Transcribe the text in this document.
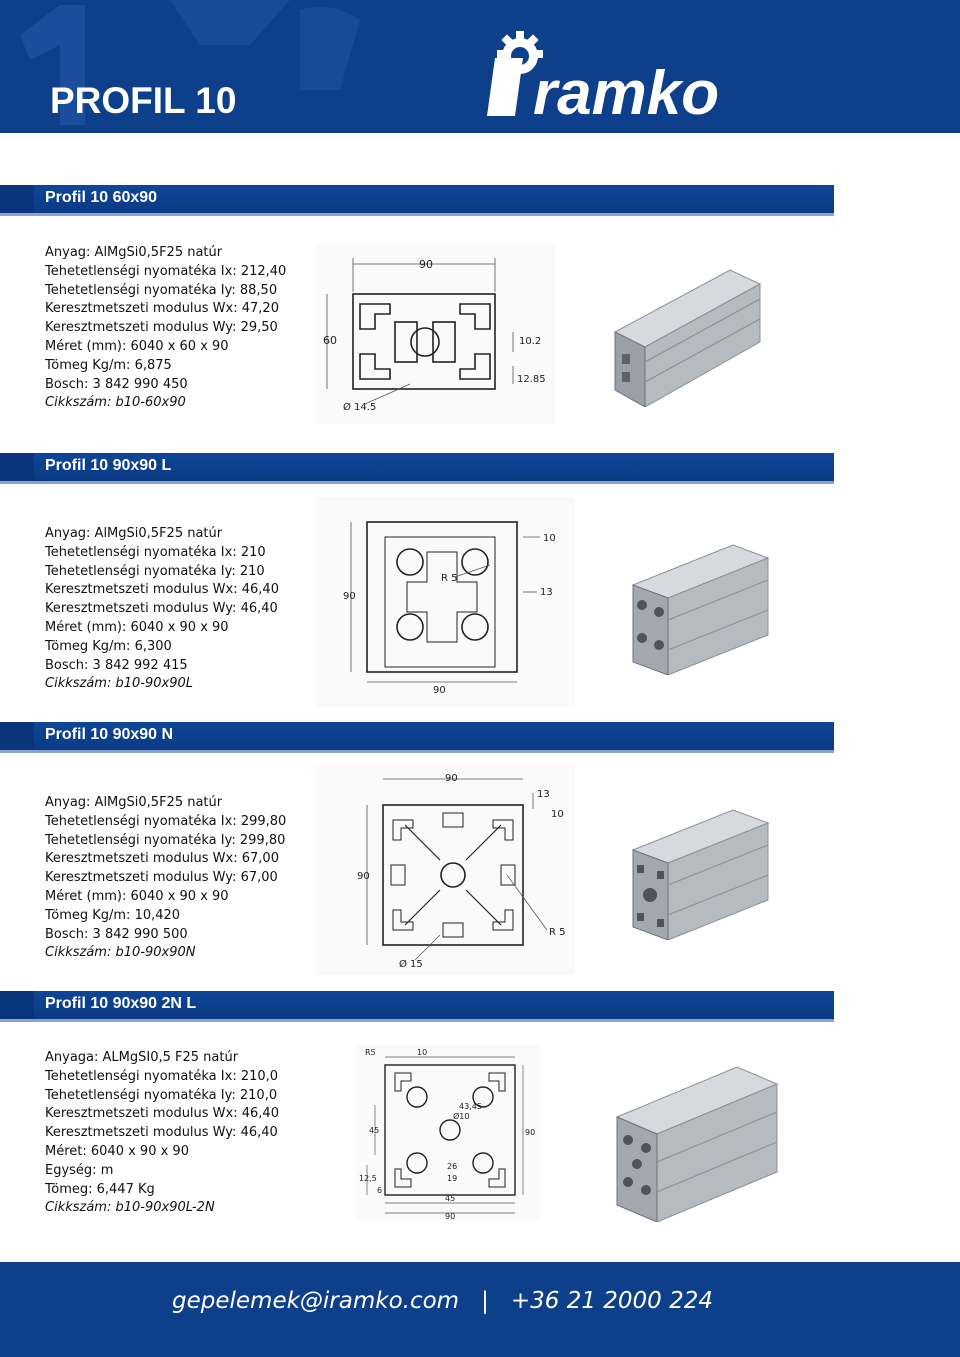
PROFIL 10	ramko
Profil 10 60x90
Anyag: AlMgSi0,5F25 natúr
Tehetetlenségi nyomatéka Ix: 212,40
Tehetetlenségi nyomatéka Iy: 88,50
Keresztmetszeti modulus Wx: 47,20
Keresztmetszeti modulus Wy: 29,50
Méret (mm): 6040 x 60 x 90
Tömeg Kg/m: 6,875
Bosch: 3 842 990 450
Cikkszám: b10-60x90
90
60	10.2
12.85
Ø 14.5
Profil 10 90x90 L
Anyag: AlMgSi0,5F25 natúr
Tehetetlenségi nyomatéka Ix: 210
Tehetetlenségi nyomatéka Iy: 210
Keresztmetszeti modulus Wx: 46,40
Keresztmetszeti modulus Wy: 46,40
Méret (mm): 6040 x 90 x 90
Tömeg Kg/m: 6,300
Bosch: 3 842 992 415
Cikkszám: b10-90x90L
90
90
10
13
R 5
Profil 10 90x90 N
Anyag: AlMgSi0,5F25 natúr
Tehetetlenségi nyomatéka Ix: 299,80
Tehetetlenségi nyomatéka Iy: 299,80
Keresztmetszeti modulus Wx: 67,00
Keresztmetszeti modulus Wy: 67,00
Méret (mm): 6040 x 90 x 90
Tömeg Kg/m: 10,420
Bosch: 3 842 990 500
Cikkszám: b10-90x90N
90
90
13
10
R 5
Ø 15
Profil 10 90x90 2N L
Anyaga: ALMgSI0,5 F25 natúr
Tehetetlenségi nyomatéka Ix: 210,0
Tehetetlenségi nyomatéka Iy: 210,0
Keresztmetszeti modulus Wx: 46,40
Keresztmetszeti modulus Wy: 46,40
Méret: 6040 x 90 x 90
Egység: m
Tömeg: 6,447 Kg
Cikkszám: b10-90x90L-2N
R5	10
90
90
45
45
26
19
12,5
6
Ø10
43,45
gepelemek@iramko.com | +36 21 2000 224
